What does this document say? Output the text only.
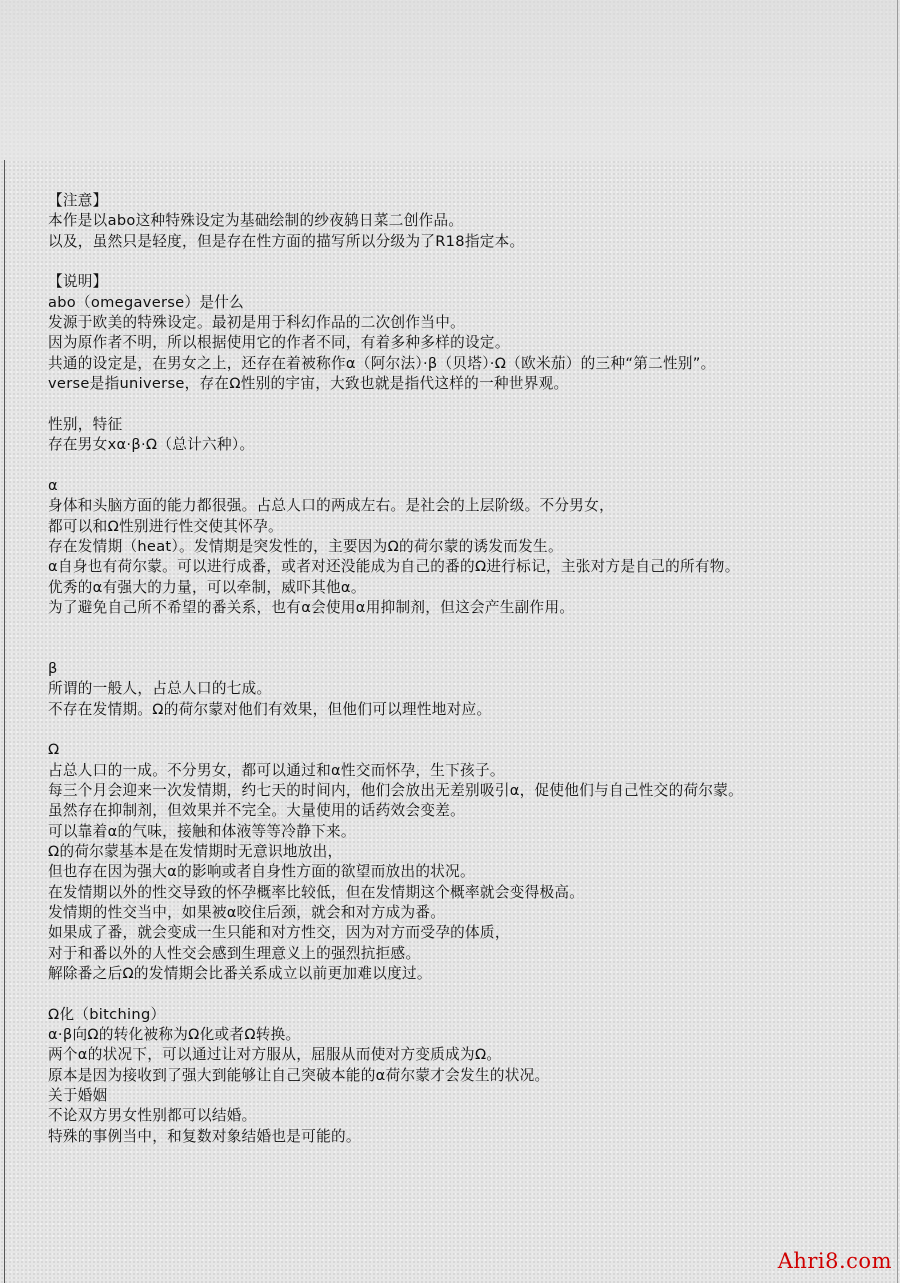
【注意】
本作是以abo这种特殊设定为基础绘制的纱夜鸫日菜二创作品。
以及，虽然只是轻度，但是存在性方面的描写所以分级为了R18指定本。
【说明】
abo（omegaverse）是什么
发源于欧美的特殊设定。最初是用于科幻作品的二次创作当中。
因为原作者不明，所以根据使用它的作者不同，有着多种多样的设定。
共通的设定是，在男女之上，还存在着被称作α（阿尔法）·β（贝塔）·Ω（欧米茄）的三种“第二性别”。
verse是指universe，存在Ω性别的宇宙，大致也就是指代这样的一种世界观。
性别，特征
存在男女xα·β·Ω（总计六种）。
α
身体和头脑方面的能力都很强。占总人口的两成左右。是社会的上层阶级。不分男女，
都可以和Ω性别进行性交使其怀孕。
存在发情期（heat）。发情期是突发性的，主要因为Ω的荷尔蒙的诱发而发生。
α自身也有荷尔蒙。可以进行成番，或者对还没能成为自己的番的Ω进行标记，主张对方是自己的所有物。
优秀的α有强大的力量，可以牵制，威吓其他α。
为了避免自己所不希望的番关系，也有α会使用α用抑制剂，但这会产生副作用。
β
所谓的一般人，占总人口的七成。
不存在发情期。Ω的荷尔蒙对他们有效果，但他们可以理性地对应。
Ω
占总人口的一成。不分男女，都可以通过和α性交而怀孕，生下孩子。
每三个月会迎来一次发情期，约七天的时间内，他们会放出无差别吸引α，促使他们与自己性交的荷尔蒙。
虽然存在抑制剂，但效果并不完全。大量使用的话药效会变差。
可以靠着α的气味，接触和体液等等冷静下来。
Ω的荷尔蒙基本是在发情期时无意识地放出，
但也存在因为强大α的影响或者自身性方面的欲望而放出的状况。
在发情期以外的性交导致的怀孕概率比较低，但在发情期这个概率就会变得极高。
发情期的性交当中，如果被α咬住后颈，就会和对方成为番。
如果成了番，就会变成一生只能和对方性交，因为对方而受孕的体质，
对于和番以外的人性交会感到生理意义上的强烈抗拒感。
解除番之后Ω的发情期会比番关系成立以前更加难以度过。
Ω化（bitching）
α·β向Ω的转化被称为Ω化或者Ω转换。
两个α的状况下，可以通过让对方服从，屈服从而使对方变质成为Ω。
原本是因为接收到了强大到能够让自己突破本能的α荷尔蒙才会发生的状况。
关于婚姻
不论双方男女性别都可以结婚。
特殊的事例当中，和复数对象结婚也是可能的。
Ahri8.com
